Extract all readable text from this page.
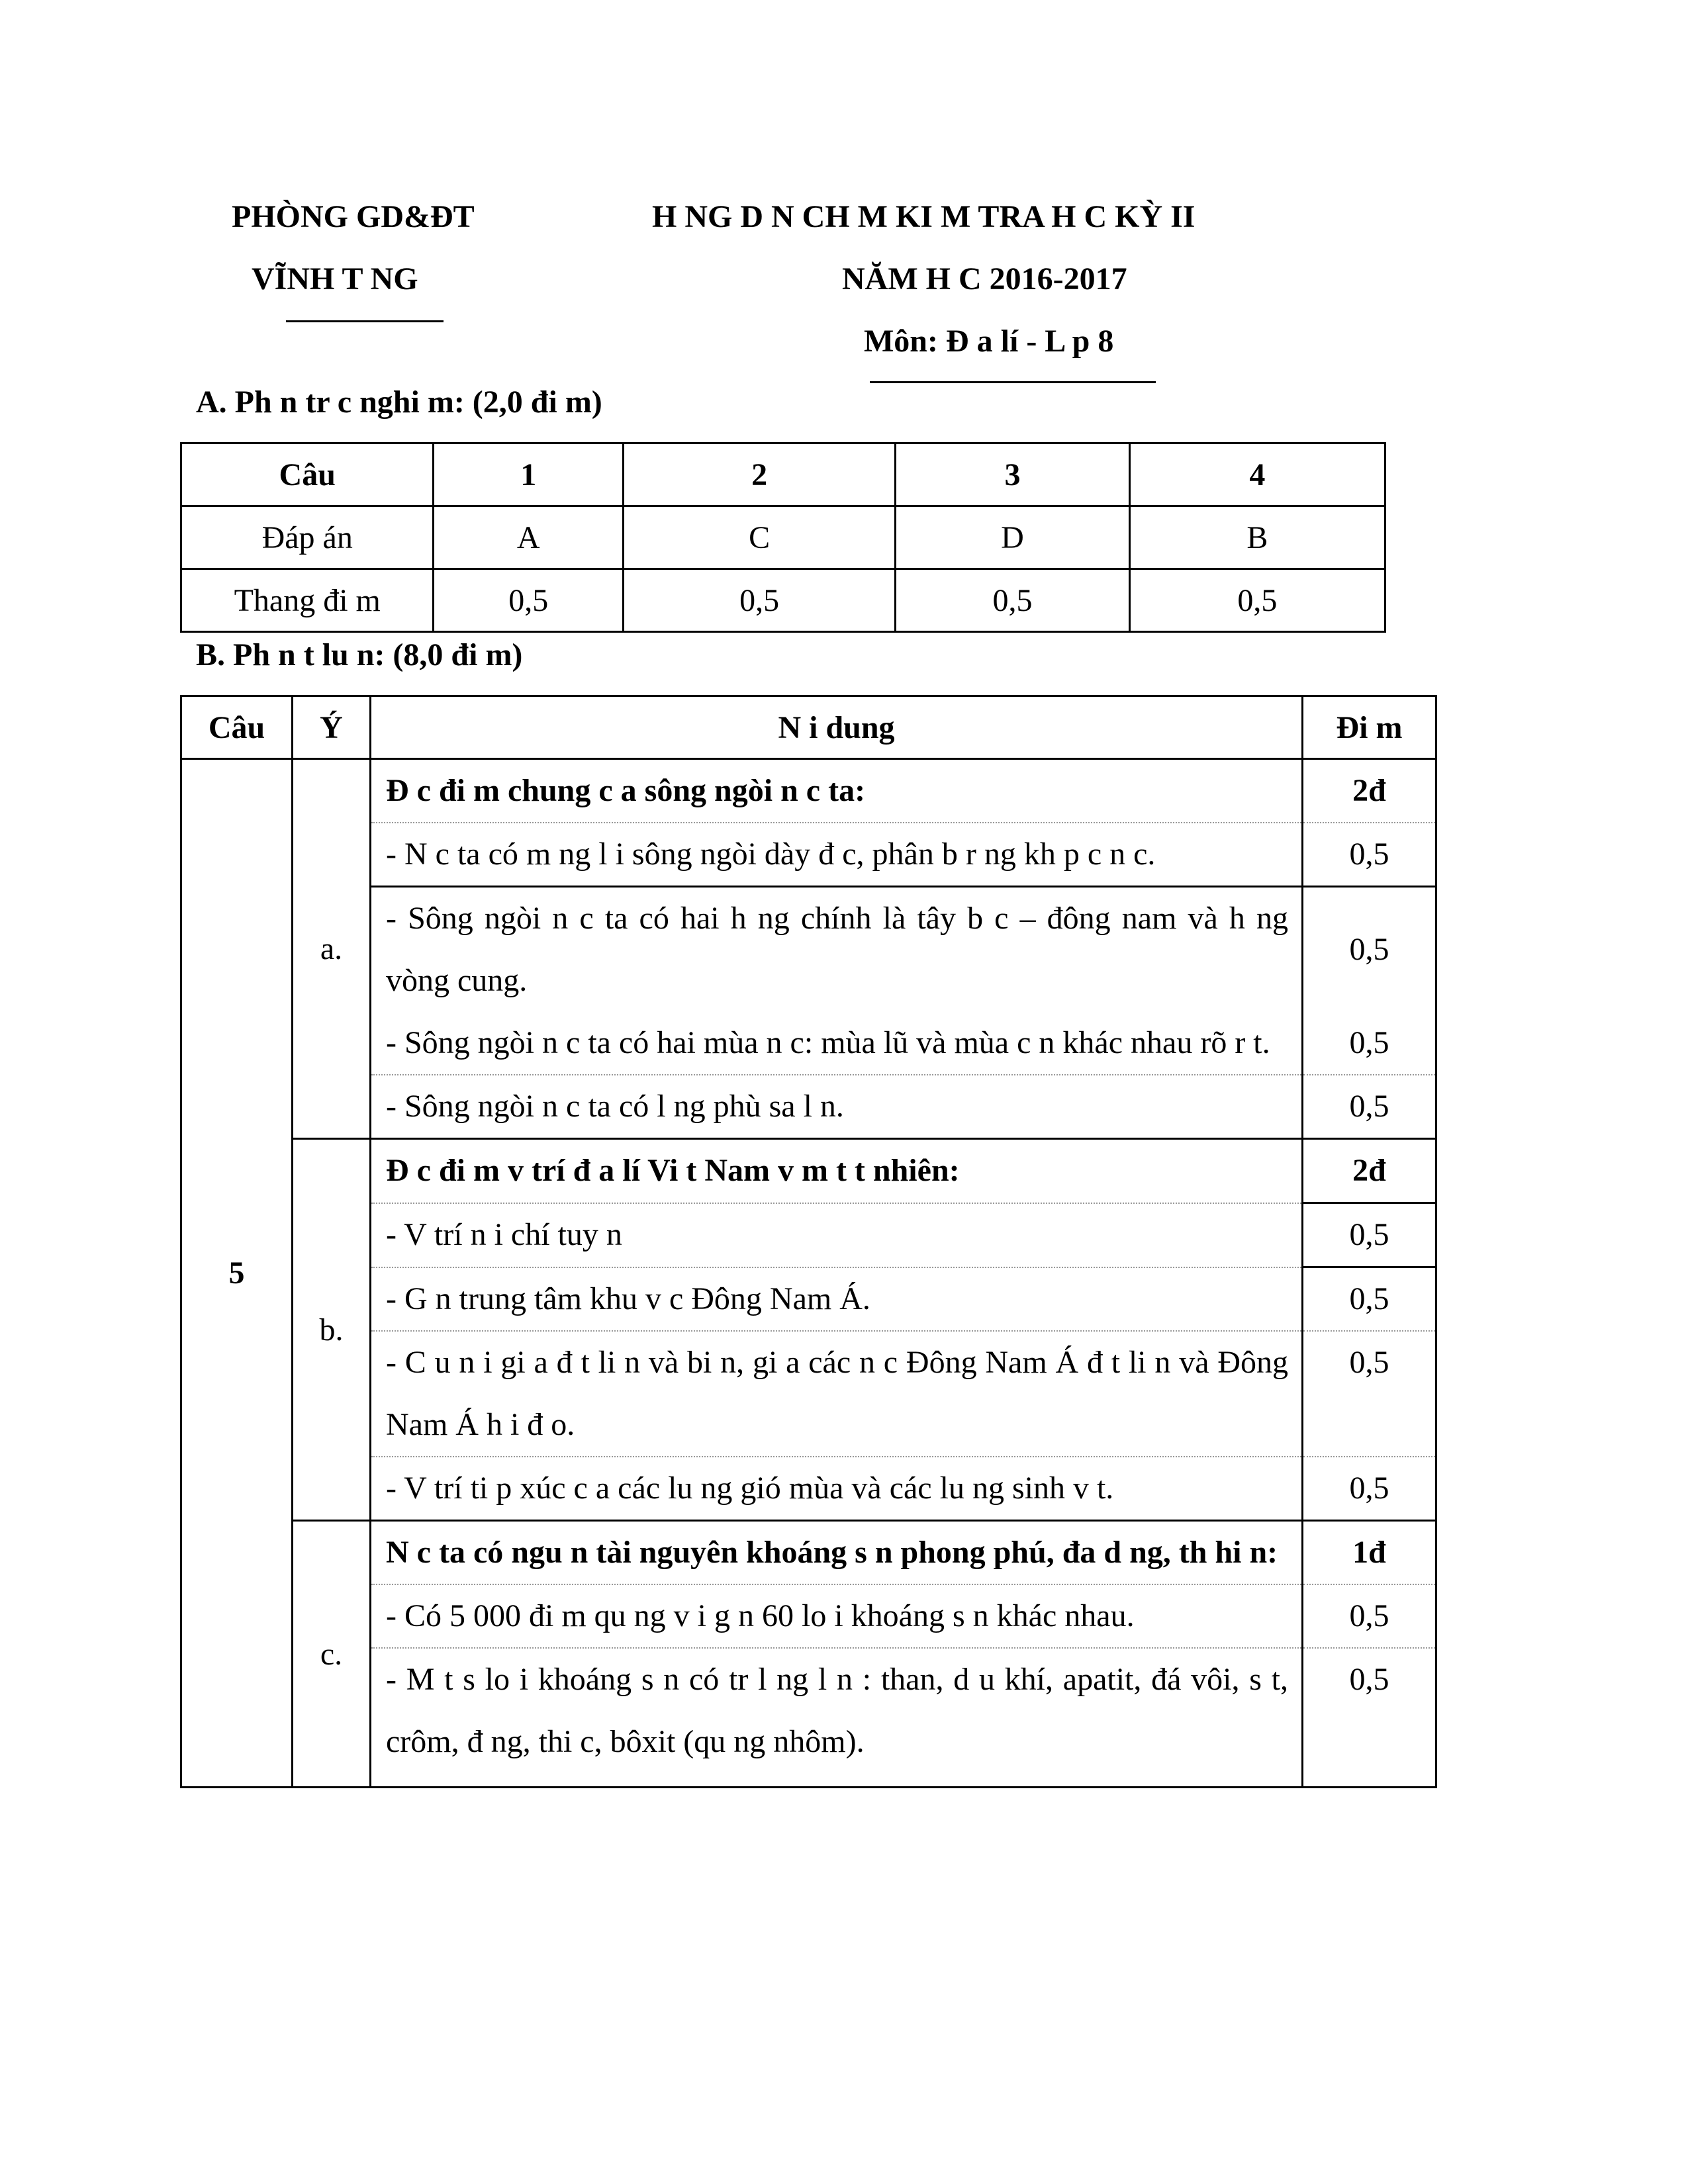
PHÒNG GD&ĐT
VĨNH T NG
H NG D N CH M KI M TRA H C KỲ II
NĂM H C 2016-2017
Môn: Đ a lí - L p 8
A. Ph n tr c nghi m: (2,0 đi m)
Câu	1	2	3	4
Đáp án	A	C	D	B
Thang đi m	0,5	0,5	0,5	0,5
B. Ph n t lu n: (8,0 đi m)
Câu	Ý	N i dung	Đi m
5	a.	Đ c đi m chung c a sông ngòi n c ta:	2đ
		- N c ta có m ng l i sông ngòi dày đ c, phân b r ng kh p c n c.	0,5
		- Sông ngòi n c ta có hai h ng chính là tây b c – đông nam và h ng vòng cung.	0,5
		- Sông ngòi n c ta có hai mùa n c: mùa lũ và mùa c n khác nhau rõ r t.	0,5
		- Sông ngòi n c ta có l ng phù sa l n.	0,5
	b.	Đ c đi m v trí đ a lí Vi t Nam v m t t nhiên:	2đ
		- V trí n i chí tuy n	0,5
		- G n trung tâm khu v c Đông Nam Á.	0,5
		- C u n i gi a đ t li n và bi n, gi a các n c Đông Nam Á đ t li n và Đông Nam Á h i đ o.	0,5
		- V trí ti p xúc c a các lu ng gió mùa và các lu ng sinh v t.	0,5
	c.	N c ta có ngu n tài nguyên khoáng s n phong phú, đa d ng, th hi n:	1đ
		- Có 5 000 đi m qu ng v i g n 60 lo i khoáng s n khác nhau.	0,5
		- M t s lo i khoáng s n có tr l ng l n : than, d u khí, apatit, đá vôi, s t, crôm, đ ng, thi c, bôxit (qu ng nhôm).	0,5
